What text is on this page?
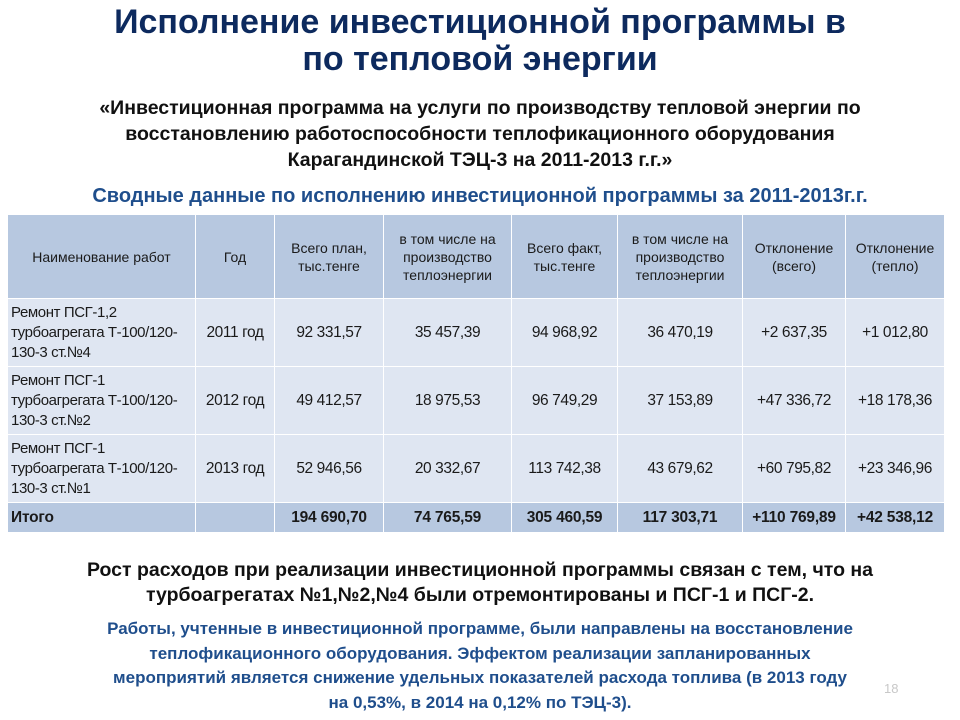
Исполнение инвестиционной программы в
по тепловой энергии
«Инвестиционная программа на услуги по производству тепловой энергии по
восстановлению работоспособности теплофикационного оборудования
Карагандинской ТЭЦ-3 на 2011-2013 г.г.»
Сводные данные по исполнению инвестиционной программы за 2011-2013г.г.
Наименование работ	Год	Всего план, тыс.тенге	в том числе на производство теплоэнергии	Всего факт, тыс.тенге	в том числе на производство теплоэнергии	Отклонение (всего)	Отклонение (тепло)
Ремонт ПСГ-1,2 турбоагрегата Т-100/120-130-3 ст.№4	2011 год	92 331,57	35 457,39	94 968,92	36 470,19	+2 637,35	+1 012,80
Ремонт ПСГ-1 турбоагрегата Т-100/120-130-3 ст.№2	2012 год	49 412,57	18 975,53	96 749,29	37 153,89	+47 336,72	+18 178,36
Ремонт ПСГ-1 турбоагрегата Т-100/120-130-3 ст.№1	2013 год	52 946,56	20 332,67	113 742,38	43 679,62	+60 795,82	+23 346,96
Итого		194 690,70	74 765,59	305 460,59	117 303,71	+110 769,89	+42 538,12
Рост расходов при реализации инвестиционной программы связан с тем, что на
турбоагрегатах №1,№2,№4 были отремонтированы и ПСГ-1 и ПСГ-2.
Работы, учтенные в инвестиционной программе, были направлены на восстановление
теплофикационного оборудования. Эффектом реализации запланированных
мероприятий является снижение удельных показателей расхода топлива (в 2013 году
на 0,53%, в 2014 на 0,12% по ТЭЦ-3).
18
